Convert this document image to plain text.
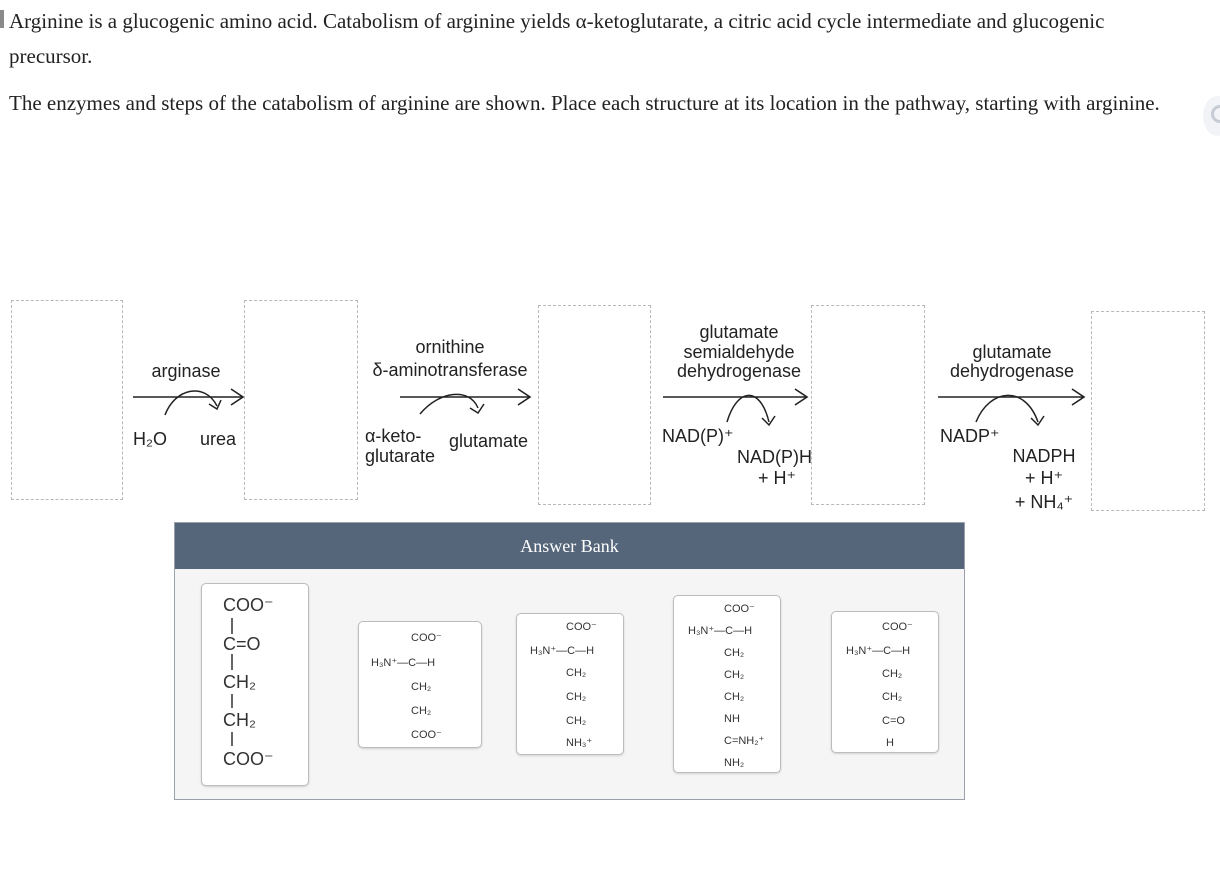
Arginine is a glucogenic amino acid. Catabolism of arginine yields α-ketoglutarate, a citric acid cycle intermediate and glucogenic precursor.

The enzymes and steps of the catabolism of arginine are shown. Place each structure at its location in the pathway, starting with arginine.

arginase
H₂O urea
ornithine
δ-aminotransferase
α-keto-
glutarate
glutamate
glutamate
semialdehyde
dehydrogenase
NAD(P)⁺
NAD(P)H
+ H⁺
glutamate
dehydrogenase
NADP⁺
NADPH
+ H⁺
+ NH₄⁺
Answer Bank
COO⁻
C=O
CH₂
CH₂
COO⁻
COO⁻
H₃N⁺—C—H
CH₂
CH₂
COO⁻
COO⁻
H₃N⁺—C—H
CH₂
CH₂
CH₂
NH₃⁺
COO⁻
H₃N⁺—C—H
CH₂
CH₂
CH₂
NH
C=NH₂⁺
NH₂
COO⁻
H₃N⁺—C—H
CH₂
CH₂
C=O
H
